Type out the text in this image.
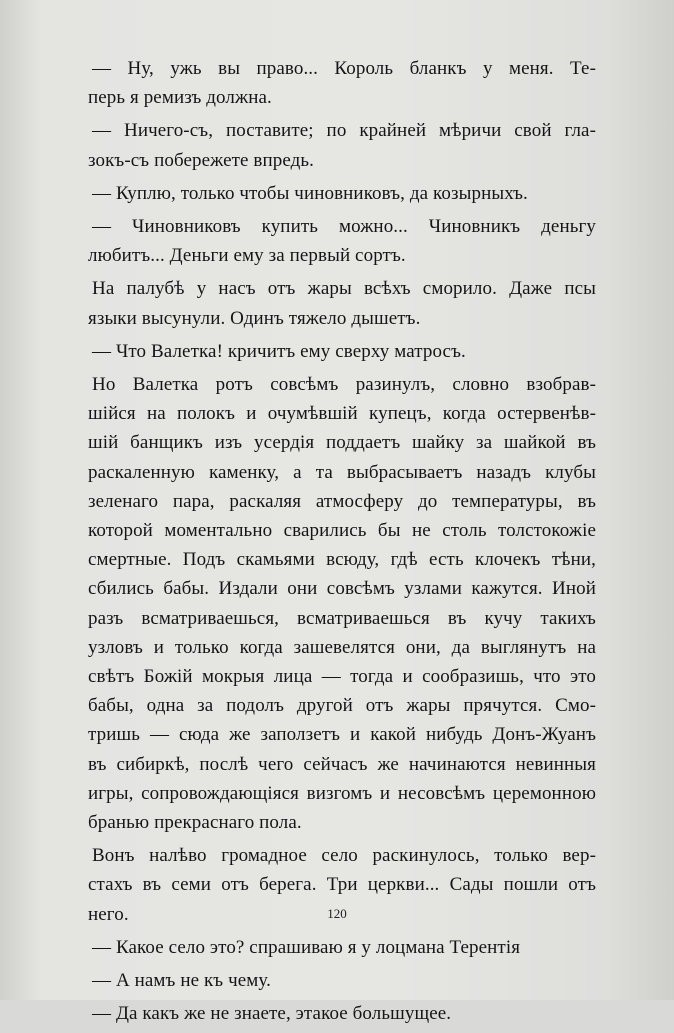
— Ну, ужь вы право... Король бланкъ у меня. Те-
перь я ремизъ должна.
— Ничего-съ, поставите; по крайней мѣричи свой гла-
зокъ-съ побережете впредь.
— Куплю, только чтобы чиновниковъ, да козырныхъ.
— Чиновниковъ купить можно... Чиновникъ деньгу
любитъ... Деньги ему за первый сортъ.
На палубѣ у насъ отъ жары всѣхъ сморило. Даже псы
языки высунули. Одинъ тяжело дышетъ.
— Что Валетка! кричитъ ему сверху матросъ.
Но Валетка ротъ совсѣмъ разинулъ, словно взобрав-
шійся на полокъ и очумѣвшій купецъ, когда остервенѣв-
шій банщикъ изъ усердія поддаетъ шайку за шайкой въ
раскаленную каменку, а та выбрасываетъ назадъ клубы
зеленаго пара, раскаляя атмосферу до температуры, въ
которой моментально сварились бы не столь толстокожіе
смертные. Подъ скамьями всюду, гдѣ есть клочекъ тѣни,
сбились бабы. Издали они совсѣмъ узлами кажутся. Иной
разъ всматриваешься, всматриваешься въ кучу такихъ
узловъ и только когда зашевелятся они, да выглянутъ на
свѣтъ Божій мокрыя лица — тогда и сообразишь, что это
бабы, одна за подолъ другой отъ жары прячутся. Смо-
тришь — сюда же заползетъ и какой нибудь Донъ-Жуанъ
въ сибиркѣ, послѣ чего сейчасъ же начинаются невинныя
игры, сопровождающіяся визгомъ и несовсѣмъ церемонною
бранью прекраснаго пола.
Вонъ налѣво громадное село раскинулось, только вер-
стахъ въ семи отъ берега. Три церкви... Сады пошли отъ
него.
— Какое село это? спрашиваю я у лоцмана Терентія
— А намъ не къ чему.
— Да какъ же не знаете, этакое большущее.
120
